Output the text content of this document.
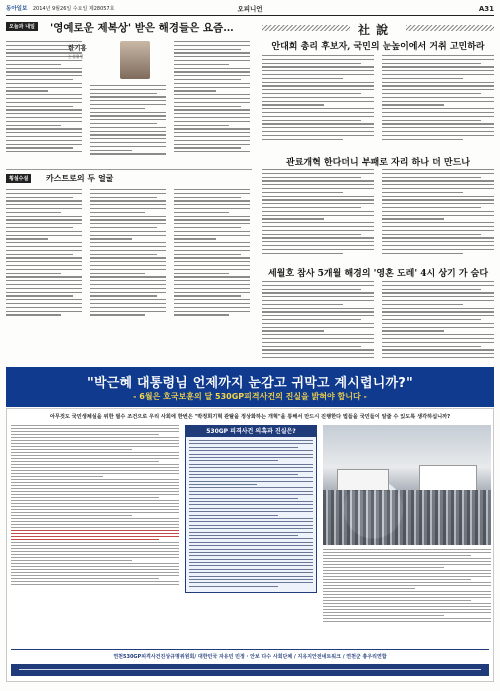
동아일보 2014년 9월26일 수요일 제28057호	오피니언	A31
오늘과 내일 '영예로운 제복상' 받은 해경들은 요즘…
한기홍
논설위원
횡설수설	카스트로의 두 얼굴
社 說
안대희 총리 후보자, 국민의 눈높이에서 거취 고민하라
관료개혁 한다더니 부패로 자리 하나 더 만드나
세월호 참사 5개월 해경의 '영혼 도레' 4시 상기 가 숨다
"박근혜 대통령님 언제까지 눈감고 귀막고 계시렵니까?"
- 6월은 호국보훈의 달 530GP피격사건의 진실을 밝혀야 합니다 -
아무것도 국민생체실을 위한 필수 조건으로 우리 사회에 한번은 "박정희기혁 관탈을 정상화하는 개혁"을 통해서 만드시 진행한다 법들을 국민들이 알줄 수 있도록 생각하십니까?
530GP 피격사건 의혹과 진실은?
연천530GP피격사건진상규명위원회/ 대한민국 자유민 민정 ‧ 안보 다수 사회단체 / 지유지안전네트워크 / 연천군 총우리연합
